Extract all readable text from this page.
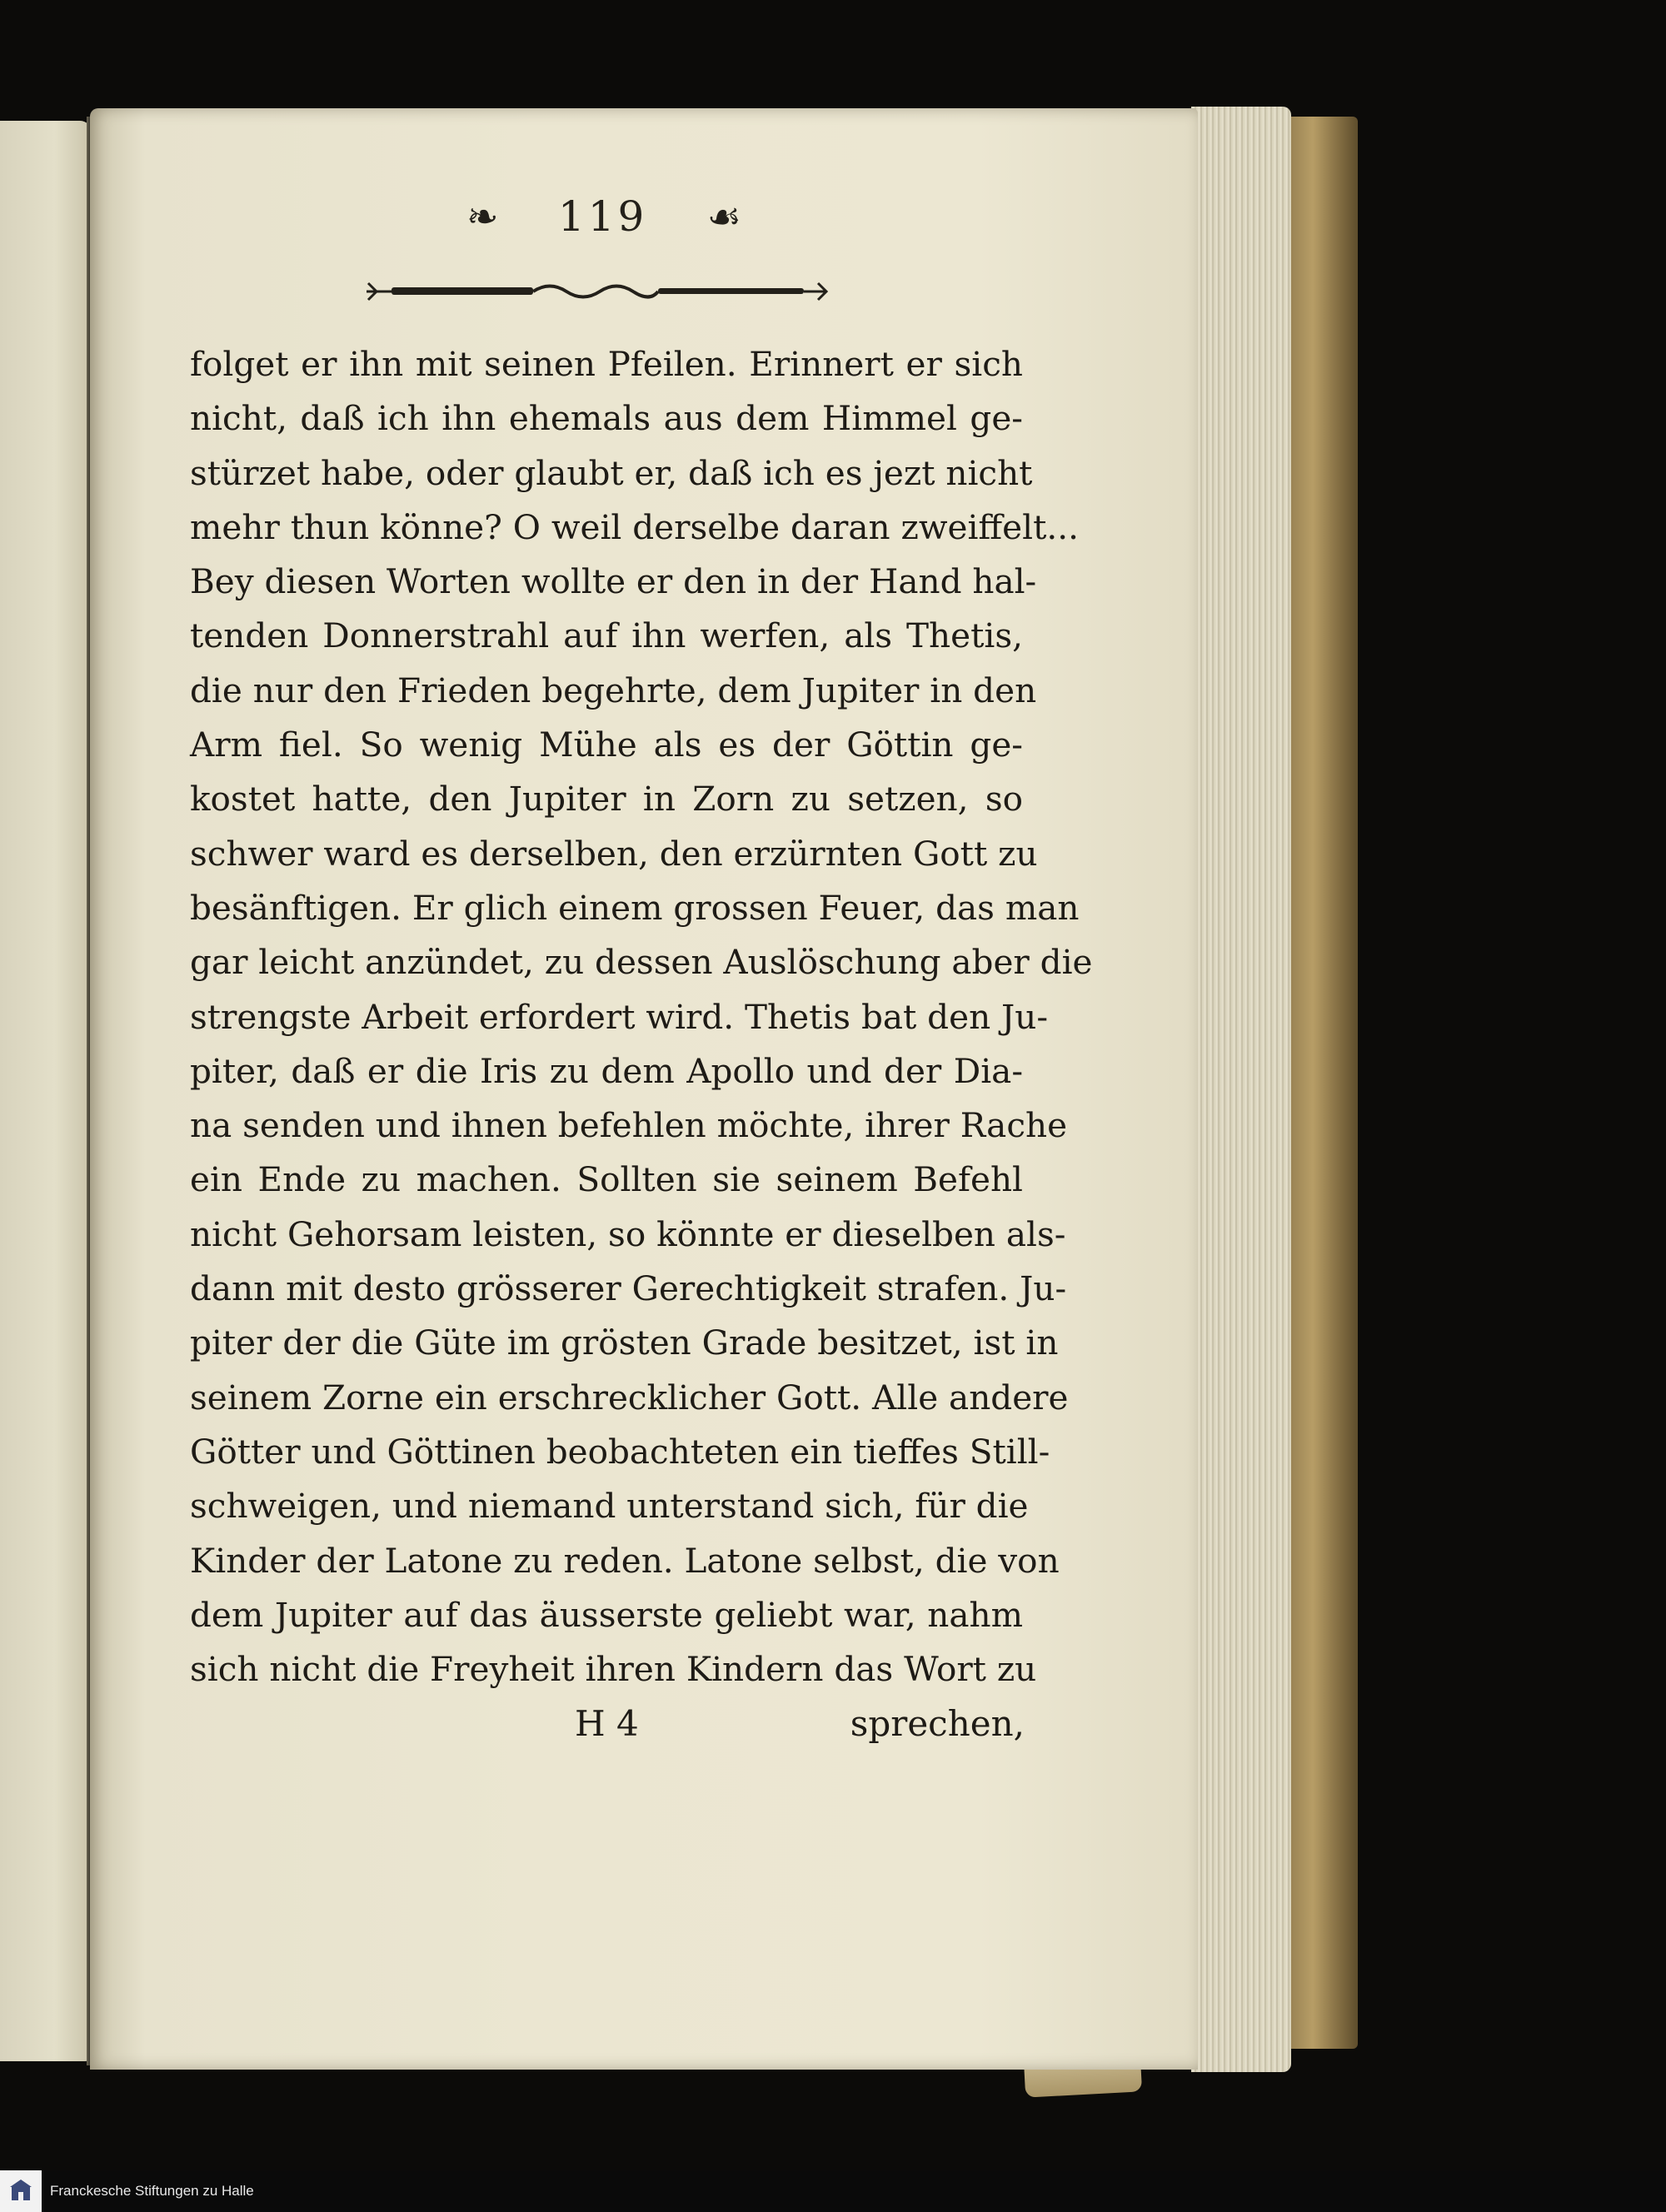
❧ 119 ☙
folget er ihn mit seinen Pfeilen. Erinnert er sich
nicht, daß ich ihn ehemals aus dem Himmel ge-
stürzet habe, oder glaubt er, daß ich es jezt nicht
mehr thun könne? O weil derselbe daran zweiffelt...
Bey diesen Worten wollte er den in der Hand hal-
tenden Donnerstrahl auf ihn werfen, als Thetis,
die nur den Frieden begehrte, dem Jupiter in den
Arm fiel. So wenig Mühe als es der Göttin ge-
kostet hatte, den Jupiter in Zorn zu setzen, so
schwer ward es derselben, den erzürnten Gott zu
besänftigen. Er glich einem grossen Feuer, das man
gar leicht anzündet, zu dessen Auslöschung aber die
strengste Arbeit erfordert wird. Thetis bat den Ju-
piter, daß er die Iris zu dem Apollo und der Dia-
na senden und ihnen befehlen möchte, ihrer Rache
ein Ende zu machen. Sollten sie seinem Befehl
nicht Gehorsam leisten, so könnte er dieselben als-
dann mit desto grösserer Gerechtigkeit strafen. Ju-
piter der die Güte im grösten Grade besitzet, ist in
seinem Zorne ein erschrecklicher Gott. Alle andere
Götter und Göttinen beobachteten ein tieffes Still-
schweigen, und niemand unterstand sich, für die
Kinder der Latone zu reden. Latone selbst, die von
dem Jupiter auf das äusserste geliebt war, nahm
sich nicht die Freyheit ihren Kindern das Wort zu
H 4	sprechen,
Franckesche Stiftungen zu Halle
